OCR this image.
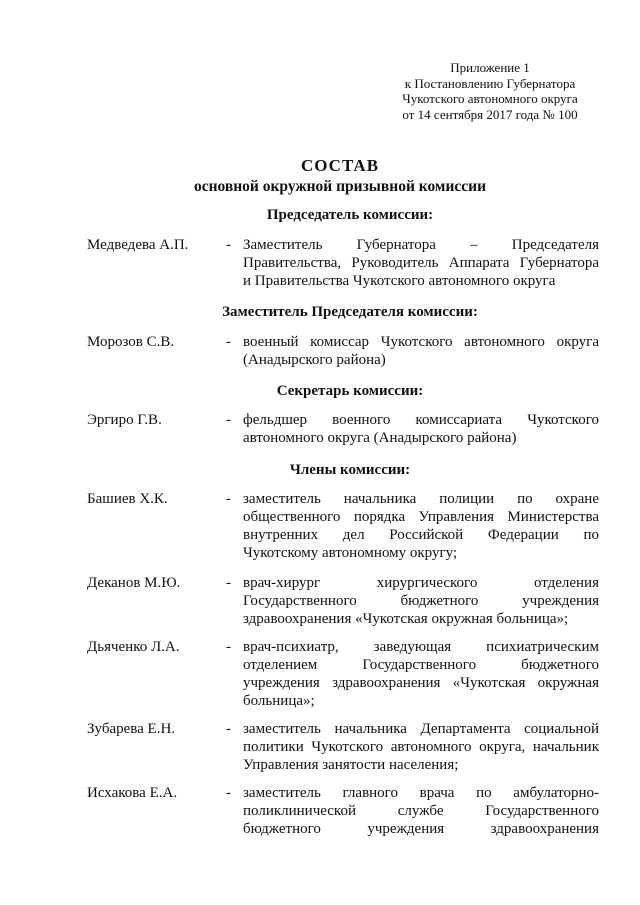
Приложение 1
к Постановлению Губернатора
Чукотского автономного округа
от 14 сентября 2017 года № 100
СОСТАВ
основной окружной призывной комиссии
Председатель комиссии:
Медведева А.П.	- Заместитель Губернатора – Председателя
Правительства, Руководитель Аппарата Губернатора
и Правительства Чукотского автономного округа
Заместитель Председателя комиссии:
Морозов С.В.	- военный комиссар Чукотского автономного округа
(Анадырского района)
Секретарь комиссии:
Эргиро Г.В.	- фельдшер военного комиссариата Чукотского
автономного округа (Анадырского района)
Члены комиссии:
Башиев Х.К.	- заместитель начальника полиции по охране
общественного порядка Управления Министерства
внутренних дел Российской Федерации по
Чукотскому автономному округу;
Деканов М.Ю.	- врач-хирург хирургического отделения
Государственного бюджетного учреждения
здравоохранения «Чукотская окружная больница»;
Дьяченко Л.А.	- врач-психиатр, заведующая психиатрическим
отделением Государственного бюджетного
учреждения здравоохранения «Чукотская окружная
больница»;
Зубарева Е.Н.	- заместитель начальника Департамента социальной
политики Чукотского автономного округа, начальник
Управления занятости населения;
Исхакова Е.А.	- заместитель главного врача по амбулаторно-
поликлинической службе Государственного
бюджетного учреждения здравоохранения
